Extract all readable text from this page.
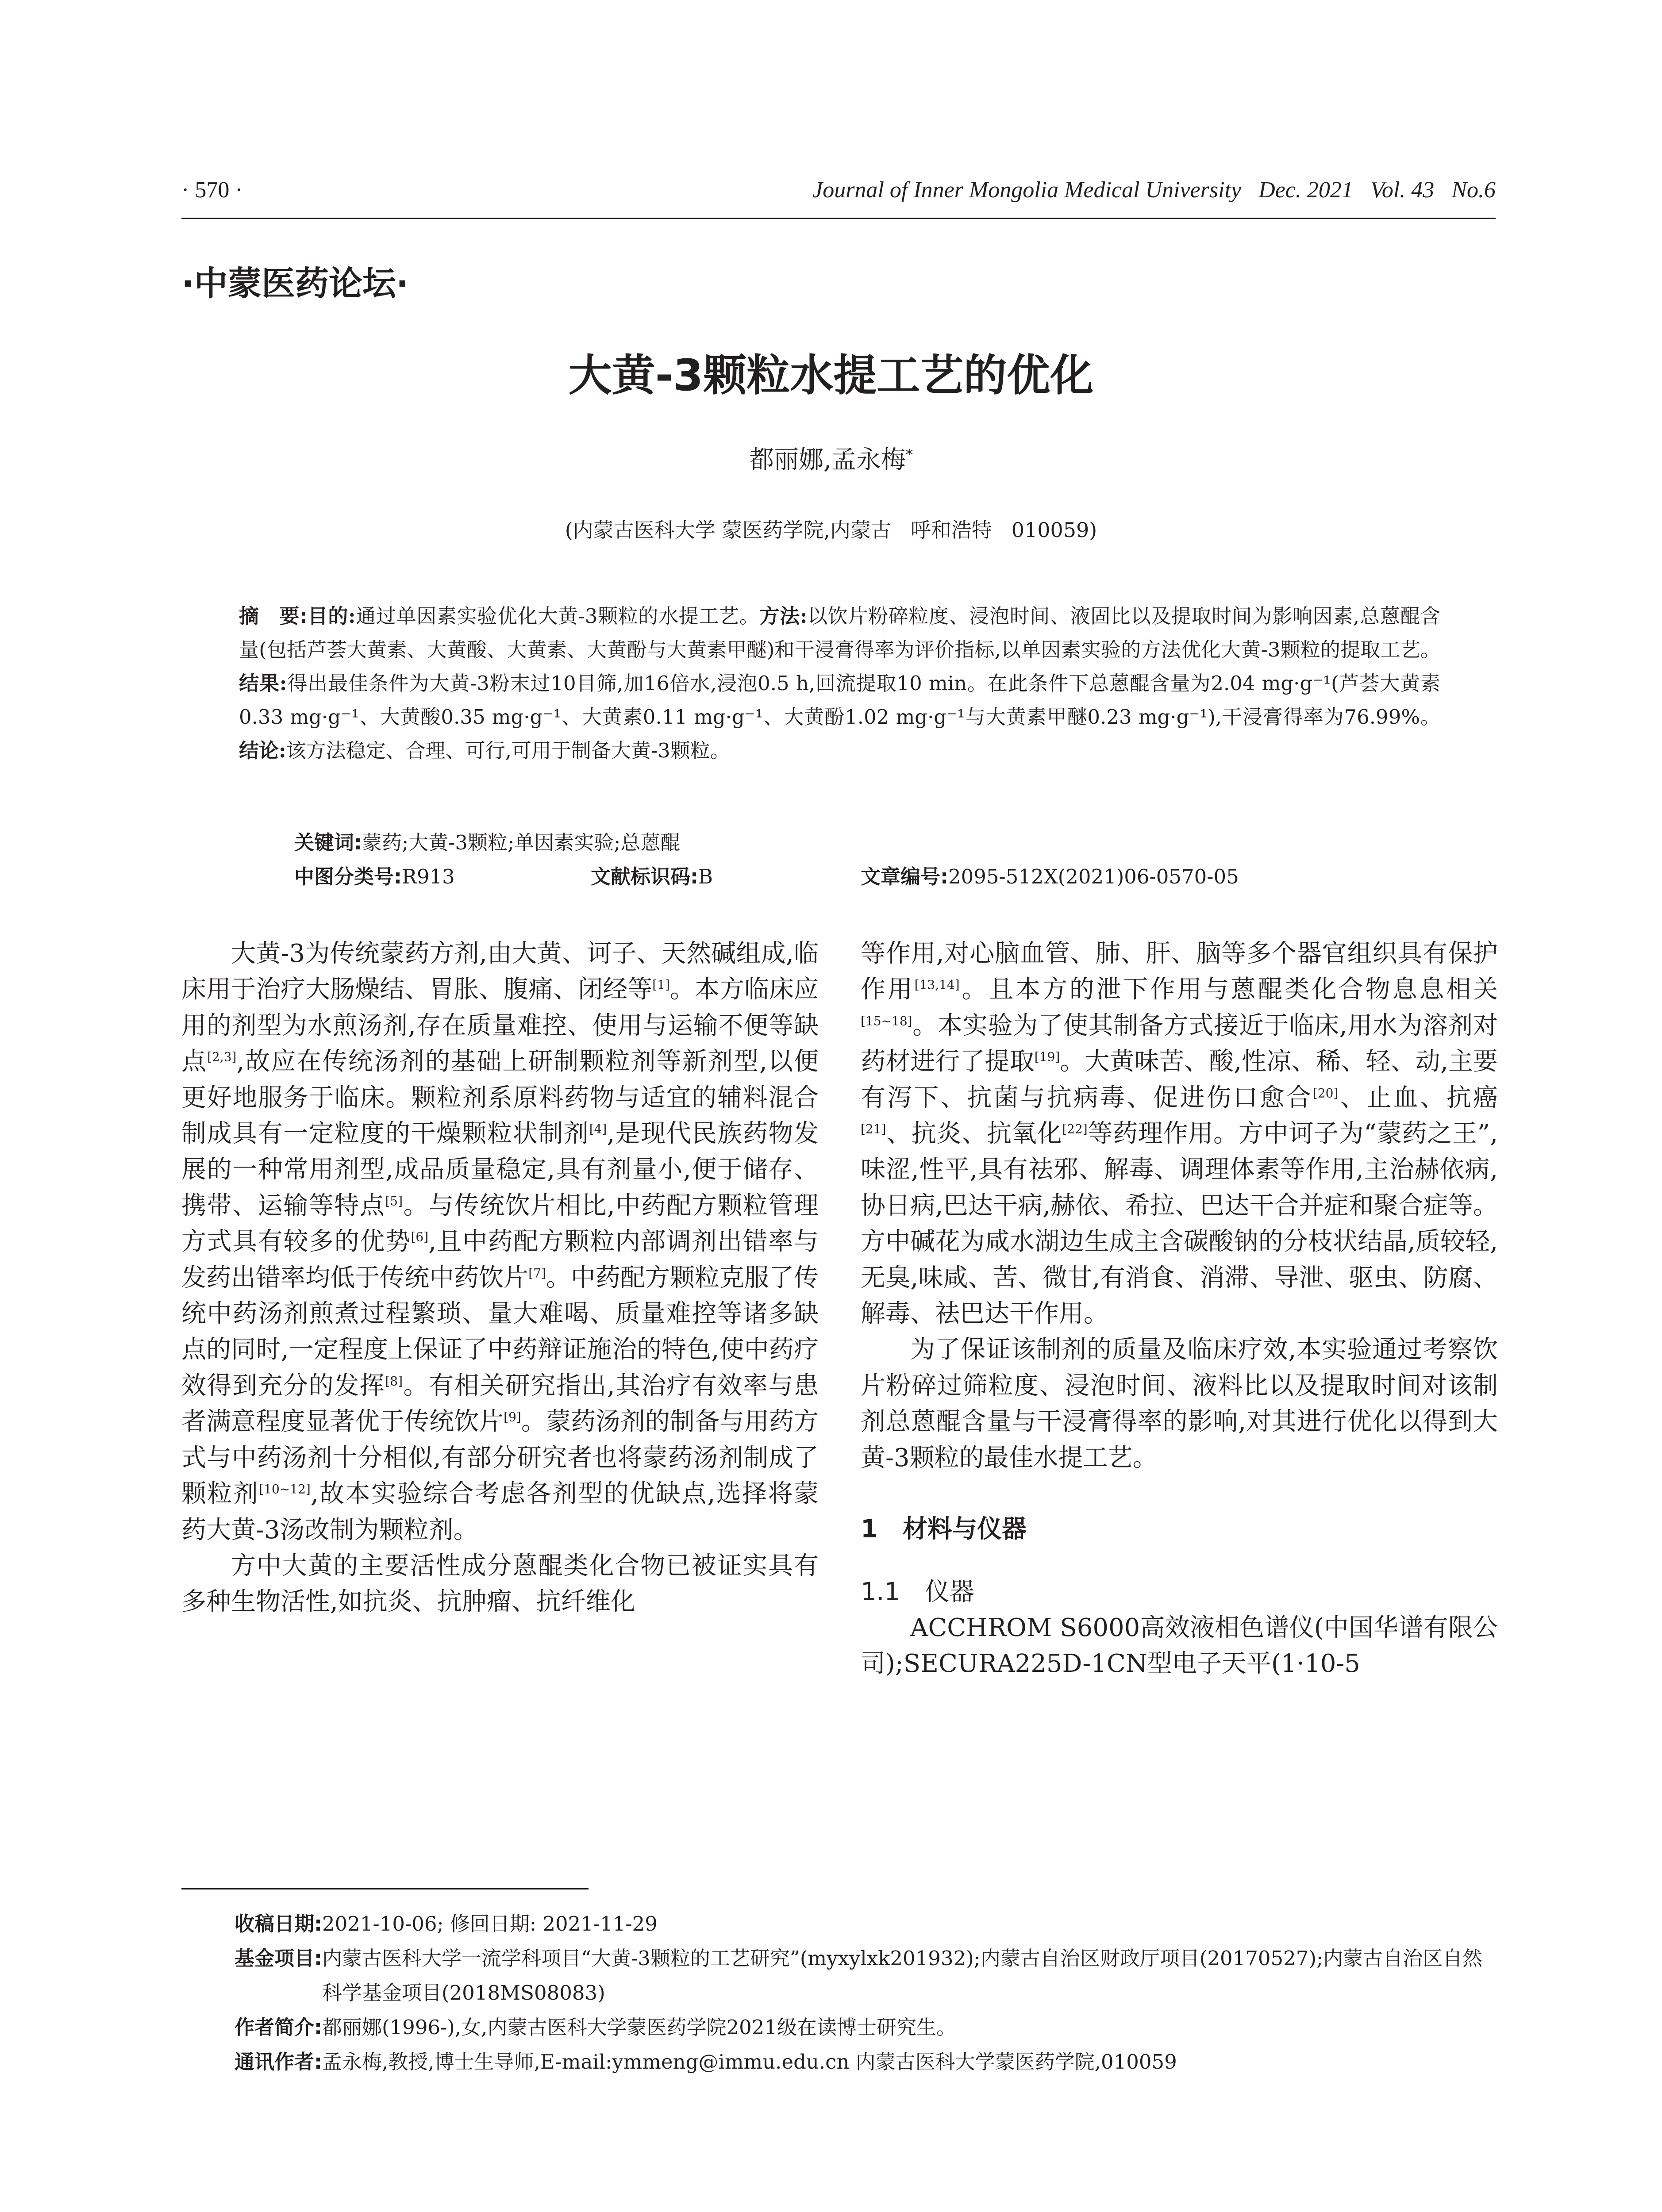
· 570 ·	Journal of Inner Mongolia Medical University   Dec. 2021   Vol. 43   No.6
·中蒙医药论坛·
大黄-3颗粒水提工艺的优化
都丽娜,孟永梅*
(内蒙古医科大学 蒙医药学院,内蒙古   呼和浩特   010059)
摘　要:目的:通过单因素实验优化大黄-3颗粒的水提工艺。方法:以饮片粉碎粒度、浸泡时间、液固比以及提取时间为影响因素,总蒽醌含量(包括芦荟大黄素、大黄酸、大黄素、大黄酚与大黄素甲醚)和干浸膏得率为评价指标,以单因素实验的方法优化大黄-3颗粒的提取工艺。结果:得出最佳条件为大黄-3粉末过10目筛,加16倍水,浸泡0.5 h,回流提取10 min。在此条件下总蒽醌含量为2.04 mg·g⁻¹(芦荟大黄素0.33 mg·g⁻¹、大黄酸0.35 mg·g⁻¹、大黄素0.11 mg·g⁻¹、大黄酚1.02 mg·g⁻¹与大黄素甲醚0.23 mg·g⁻¹),干浸膏得率为76.99%。结论:该方法稳定、合理、可行,可用于制备大黄-3颗粒。
关键词:蒙药;大黄-3颗粒;单因素实验;总蒽醌
中图分类号:R913	文献标识码:B	文章编号:2095-512X(2021)06-0570-05

大黄-3为传统蒙药方剂,由大黄、诃子、天然碱组成,临床用于治疗大肠燥结、胃胀、腹痛、闭经等[1]。本方临床应用的剂型为水煎汤剂,存在质量难控、使用与运输不便等缺点[2,3],故应在传统汤剂的基础上研制颗粒剂等新剂型,以便更好地服务于临床。颗粒剂系原料药物与适宜的辅料混合制成具有一定粒度的干燥颗粒状制剂[4],是现代民族药物发展的一种常用剂型,成品质量稳定,具有剂量小,便于储存、携带、运输等特点[5]。与传统饮片相比,中药配方颗粒管理方式具有较多的优势[6],且中药配方颗粒内部调剂出错率与发药出错率均低于传统中药饮片[7]。中药配方颗粒克服了传统中药汤剂煎煮过程繁琐、量大难喝、质量难控等诸多缺点的同时,一定程度上保证了中药辩证施治的特色,使中药疗效得到充分的发挥[8]。有相关研究指出,其治疗有效率与患者满意程度显著优于传统饮片[9]。蒙药汤剂的制备与用药方式与中药汤剂十分相似,有部分研究者也将蒙药汤剂制成了颗粒剂[10~12],故本实验综合考虑各剂型的优缺点,选择将蒙药大黄-3汤改制为颗粒剂。

方中大黄的主要活性成分蒽醌类化合物已被证实具有多种生物活性,如抗炎、抗肿瘤、抗纤维化

等作用,对心脑血管、肺、肝、脑等多个器官组织具有保护作用[13,14]。且本方的泄下作用与蒽醌类化合物息息相关[15~18]。本实验为了使其制备方式接近于临床,用水为溶剂对药材进行了提取[19]。大黄味苦、酸,性凉、稀、轻、动,主要有泻下、抗菌与抗病毒、促进伤口愈合[20]、止血、抗癌[21]、抗炎、抗氧化[22]等药理作用。方中诃子为“蒙药之王”,味涩,性平,具有祛邪、解毒、调理体素等作用,主治赫依病,协日病,巴达干病,赫依、希拉、巴达干合并症和聚合症等。方中碱花为咸水湖边生成主含碳酸钠的分枝状结晶,质较轻,无臭,味咸、苦、微甘,有消食、消滞、导泄、驱虫、防腐、解毒、祛巴达干作用。

为了保证该制剂的质量及临床疗效,本实验通过考察饮片粉碎过筛粒度、浸泡时间、液料比以及提取时间对该制剂总蒽醌含量与干浸膏得率的影响,对其进行优化以得到大黄-3颗粒的最佳水提工艺。

1　材料与仪器
1.1　仪器

ACCHROM S6000高效液相色谱仪(中国华谱有限公司);SECURA225D-1CN型电子天平(1·10-5

收稿日期: 2021-10-06; 修回日期: 2021-11-29
基金项目: 内蒙古医科大学一流学科项目“大黄-3颗粒的工艺研究”(myxylxk201932);内蒙古自治区财政厅项目(20170527);内蒙古自治区自然科学基金项目(2018MS08083)
作者简介: 都丽娜(1996-),女,内蒙古医科大学蒙医药学院2021级在读博士研究生。
通讯作者: 孟永梅,教授,博士生导师,E-mail:ymmeng@immu.edu.cn 内蒙古医科大学蒙医药学院,010059
